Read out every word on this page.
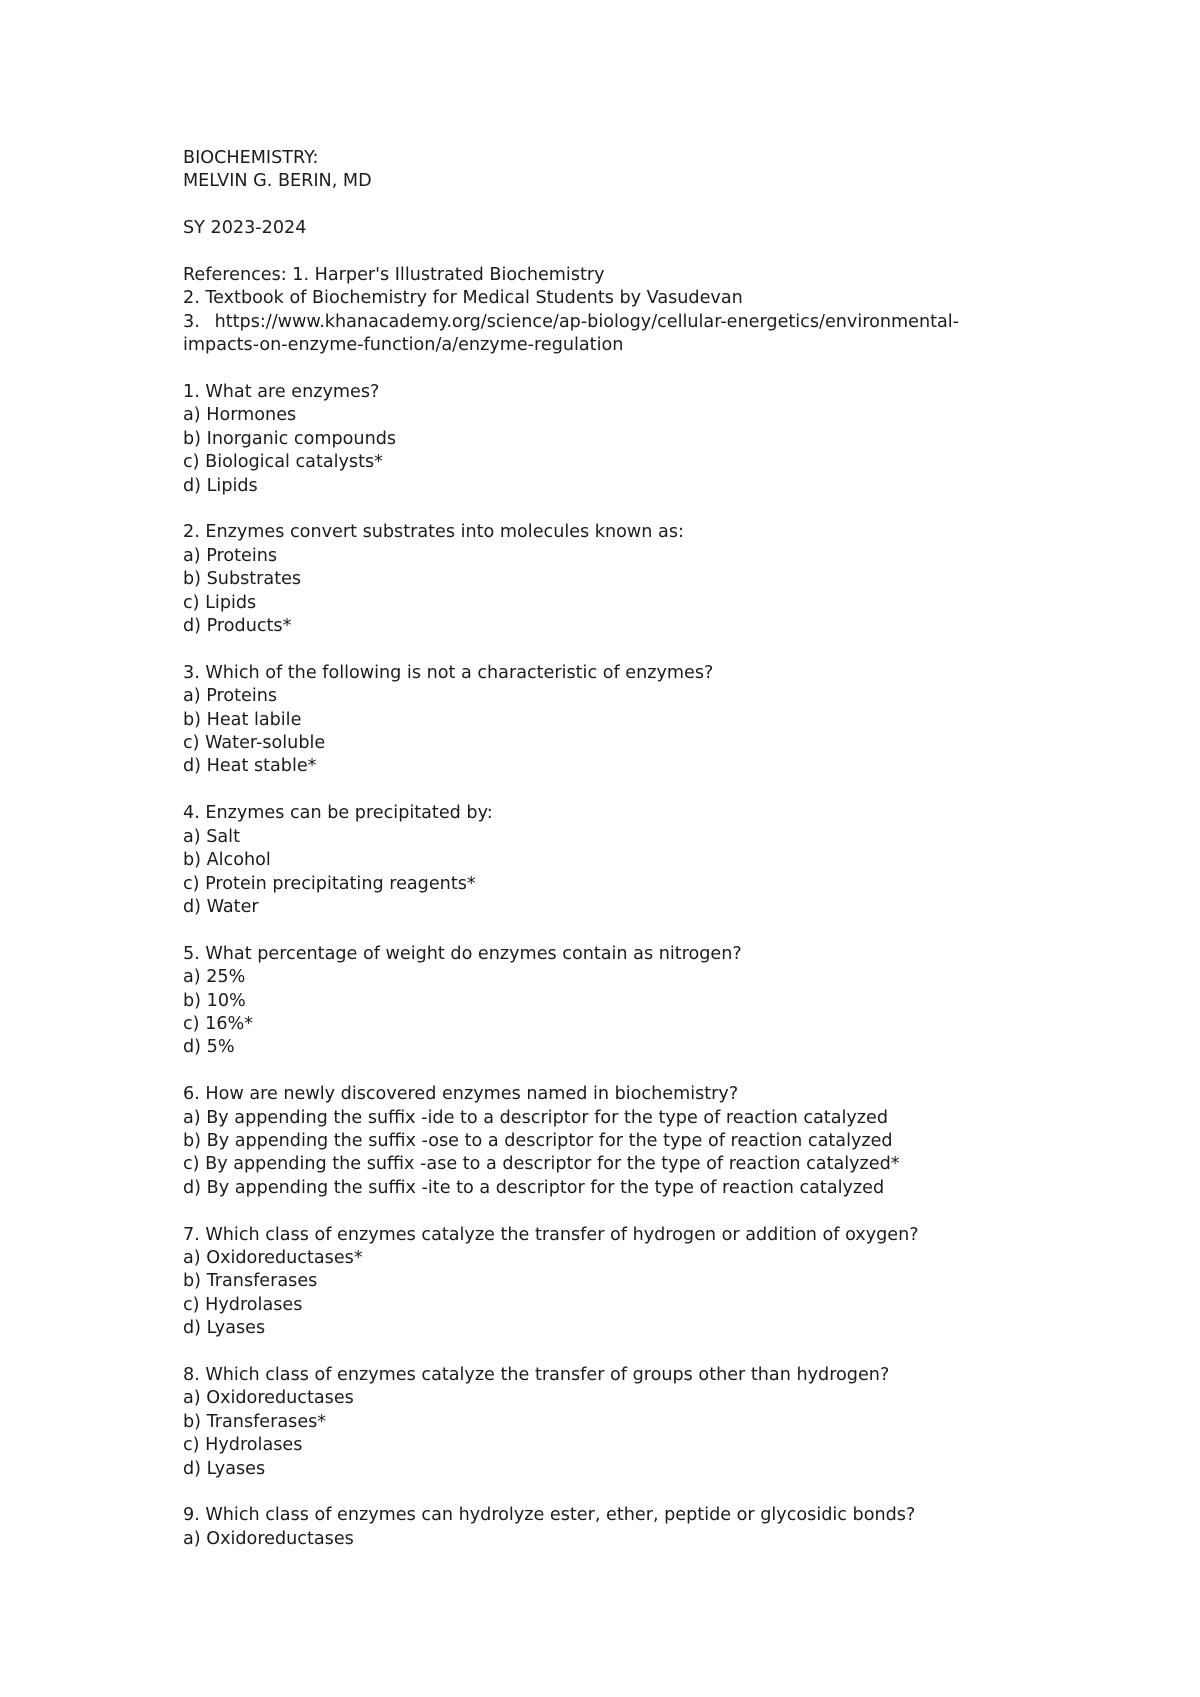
BIOCHEMISTRY:
MELVIN G. BERIN, MD
SY 2023-2024
References: 1. Harper's Illustrated Biochemistry
2. Textbook of Biochemistry for Medical Students by Vasudevan
3. https://www.khanacademy.org/science/ap-biology/cellular-energetics/environmental-
impacts-on-enzyme-function/a/enzyme-regulation
1. What are enzymes?
a) Hormones
b) Inorganic compounds
c) Biological catalysts*
d) Lipids
2. Enzymes convert substrates into molecules known as:
a) Proteins
b) Substrates
c) Lipids
d) Products*
3. Which of the following is not a characteristic of enzymes?
a) Proteins
b) Heat labile
c) Water-soluble
d) Heat stable*
4. Enzymes can be precipitated by:
a) Salt
b) Alcohol
c) Protein precipitating reagents*
d) Water
5. What percentage of weight do enzymes contain as nitrogen?
a) 25%
b) 10%
c) 16%*
d) 5%
6. How are newly discovered enzymes named in biochemistry?
a) By appending the suffix -ide to a descriptor for the type of reaction catalyzed
b) By appending the suffix -ose to a descriptor for the type of reaction catalyzed
c) By appending the suffix -ase to a descriptor for the type of reaction catalyzed*
d) By appending the suffix -ite to a descriptor for the type of reaction catalyzed
7. Which class of enzymes catalyze the transfer of hydrogen or addition of oxygen?
a) Oxidoreductases*
b) Transferases
c) Hydrolases
d) Lyases
8. Which class of enzymes catalyze the transfer of groups other than hydrogen?
a) Oxidoreductases
b) Transferases*
c) Hydrolases
d) Lyases
9. Which class of enzymes can hydrolyze ester, ether, peptide or glycosidic bonds?
a) Oxidoreductases
